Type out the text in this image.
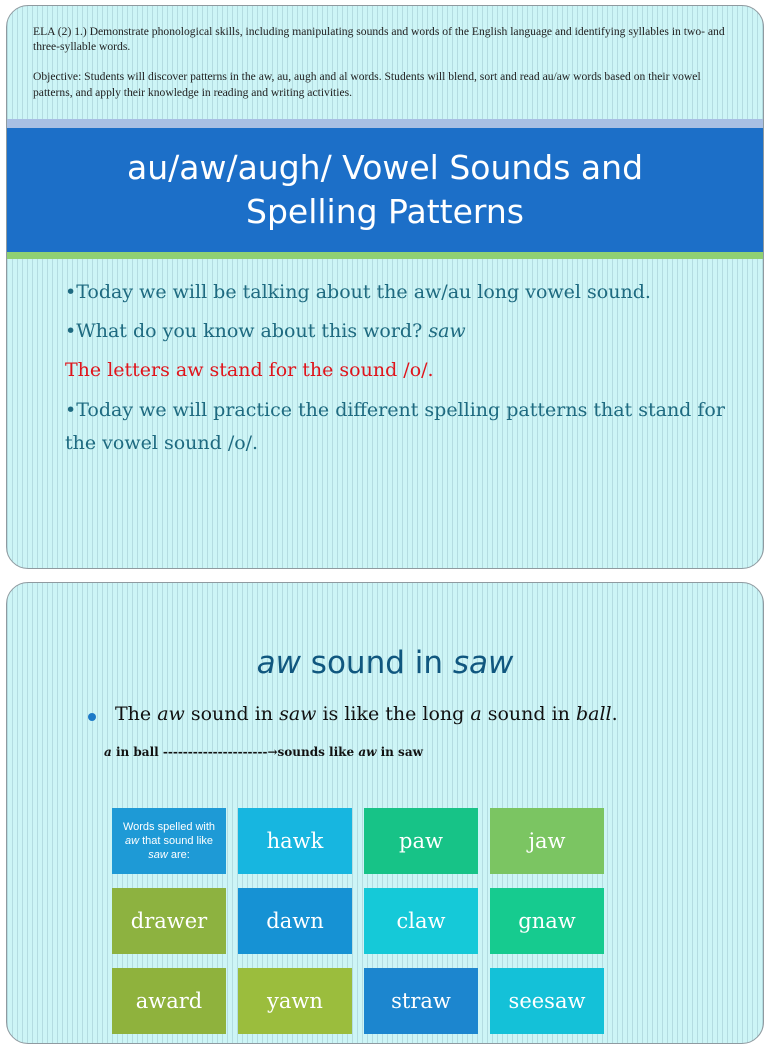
ELA (2) 1.) Demonstrate phonological skills, including manipulating sounds and words of the English language and identifying syllables in two- and three-syllable words.

Objective: Students will discover patterns in the aw, au, augh and al words. Students will blend, sort and read au/aw words based on their vowel patterns, and apply their knowledge in reading and writing activities.

au/aw/augh/ Vowel Sounds and Spelling Patterns

•Today we will be talking about the aw/au long vowel sound.

•What do you know about this word? saw

The letters aw stand for the sound /o/.

•Today we will practice the different spelling patterns that stand for the vowel sound /o/.

aw sound in saw

The aw sound in saw is like the long a sound in ball.

a in ball ---------------------→sounds like aw in saw

Words spelled with aw that sound like saw are:
hawk	paw	jaw
drawer	dawn	claw	gnaw
award	yawn	straw	seesaw
